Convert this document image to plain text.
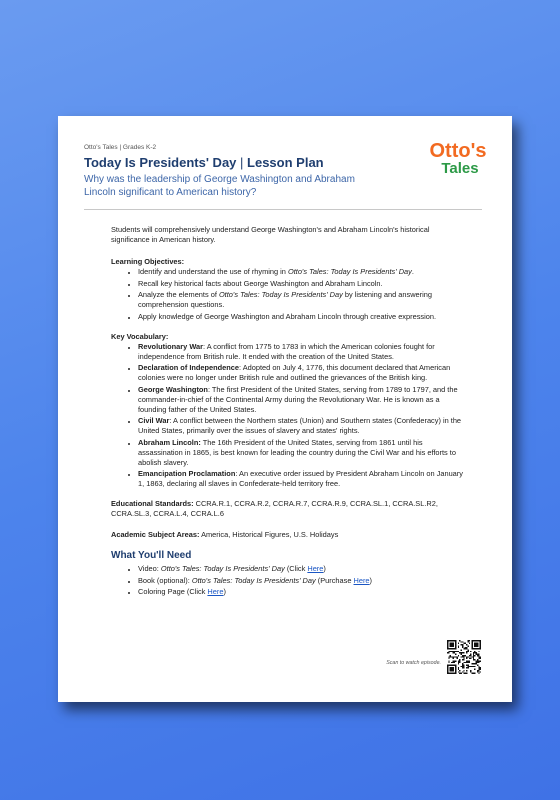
Otto's Tales | Grades K-2
Today Is Presidents' Day | Lesson Plan
Why was the leadership of George Washington and Abraham Lincoln significant to American history?
Otto's
Tales

Students will comprehensively understand George Washington's and Abraham Lincoln's historical significance in American history.

Learning Objectives:

• Identify and understand the use of rhyming in Otto's Tales: Today Is Presidents' Day.
• Recall key historical facts about George Washington and Abraham Lincoln.
• Analyze the elements of Otto's Tales: Today Is Presidents' Day by listening and answering comprehension questions.
• Apply knowledge of George Washington and Abraham Lincoln through creative expression.

Key Vocabulary:

• Revolutionary War: A conflict from 1775 to 1783 in which the American colonies fought for independence from British rule. It ended with the creation of the United States.
• Declaration of Independence: Adopted on July 4, 1776, this document declared that American colonies were no longer under British rule and outlined the grievances of the British king.
• George Washington: The first President of the United States, serving from 1789 to 1797, and the commander-in-chief of the Continental Army during the Revolutionary War. He is known as a founding father of the United States.
• Civil War: A conflict between the Northern states (Union) and Southern states (Confederacy) in the United States, primarily over the issues of slavery and states' rights.
• Abraham Lincoln: The 16th President of the United States, serving from 1861 until his assassination in 1865, is best known for leading the country during the Civil War and his efforts to abolish slavery.
• Emancipation Proclamation: An executive order issued by President Abraham Lincoln on January 1, 1863, declaring all slaves in Confederate-held territory free.

Educational Standards: CCRA.R.1, CCRA.R.2, CCRA.R.7, CCRA.R.9, CCRA.SL.1, CCRA.SL.R2, CCRA.SL.3, CCRA.L.4, CCRA.L.6

Academic Subject Areas: America, Historical Figures, U.S. Holidays

What You'll Need

• Video: Otto's Tales: Today Is Presidents' Day (Click Here)
• Book (optional): Otto's Tales: Today Is Presidents' Day (Purchase Here)
• Coloring Page (Click Here)
Scan to watch episode.
